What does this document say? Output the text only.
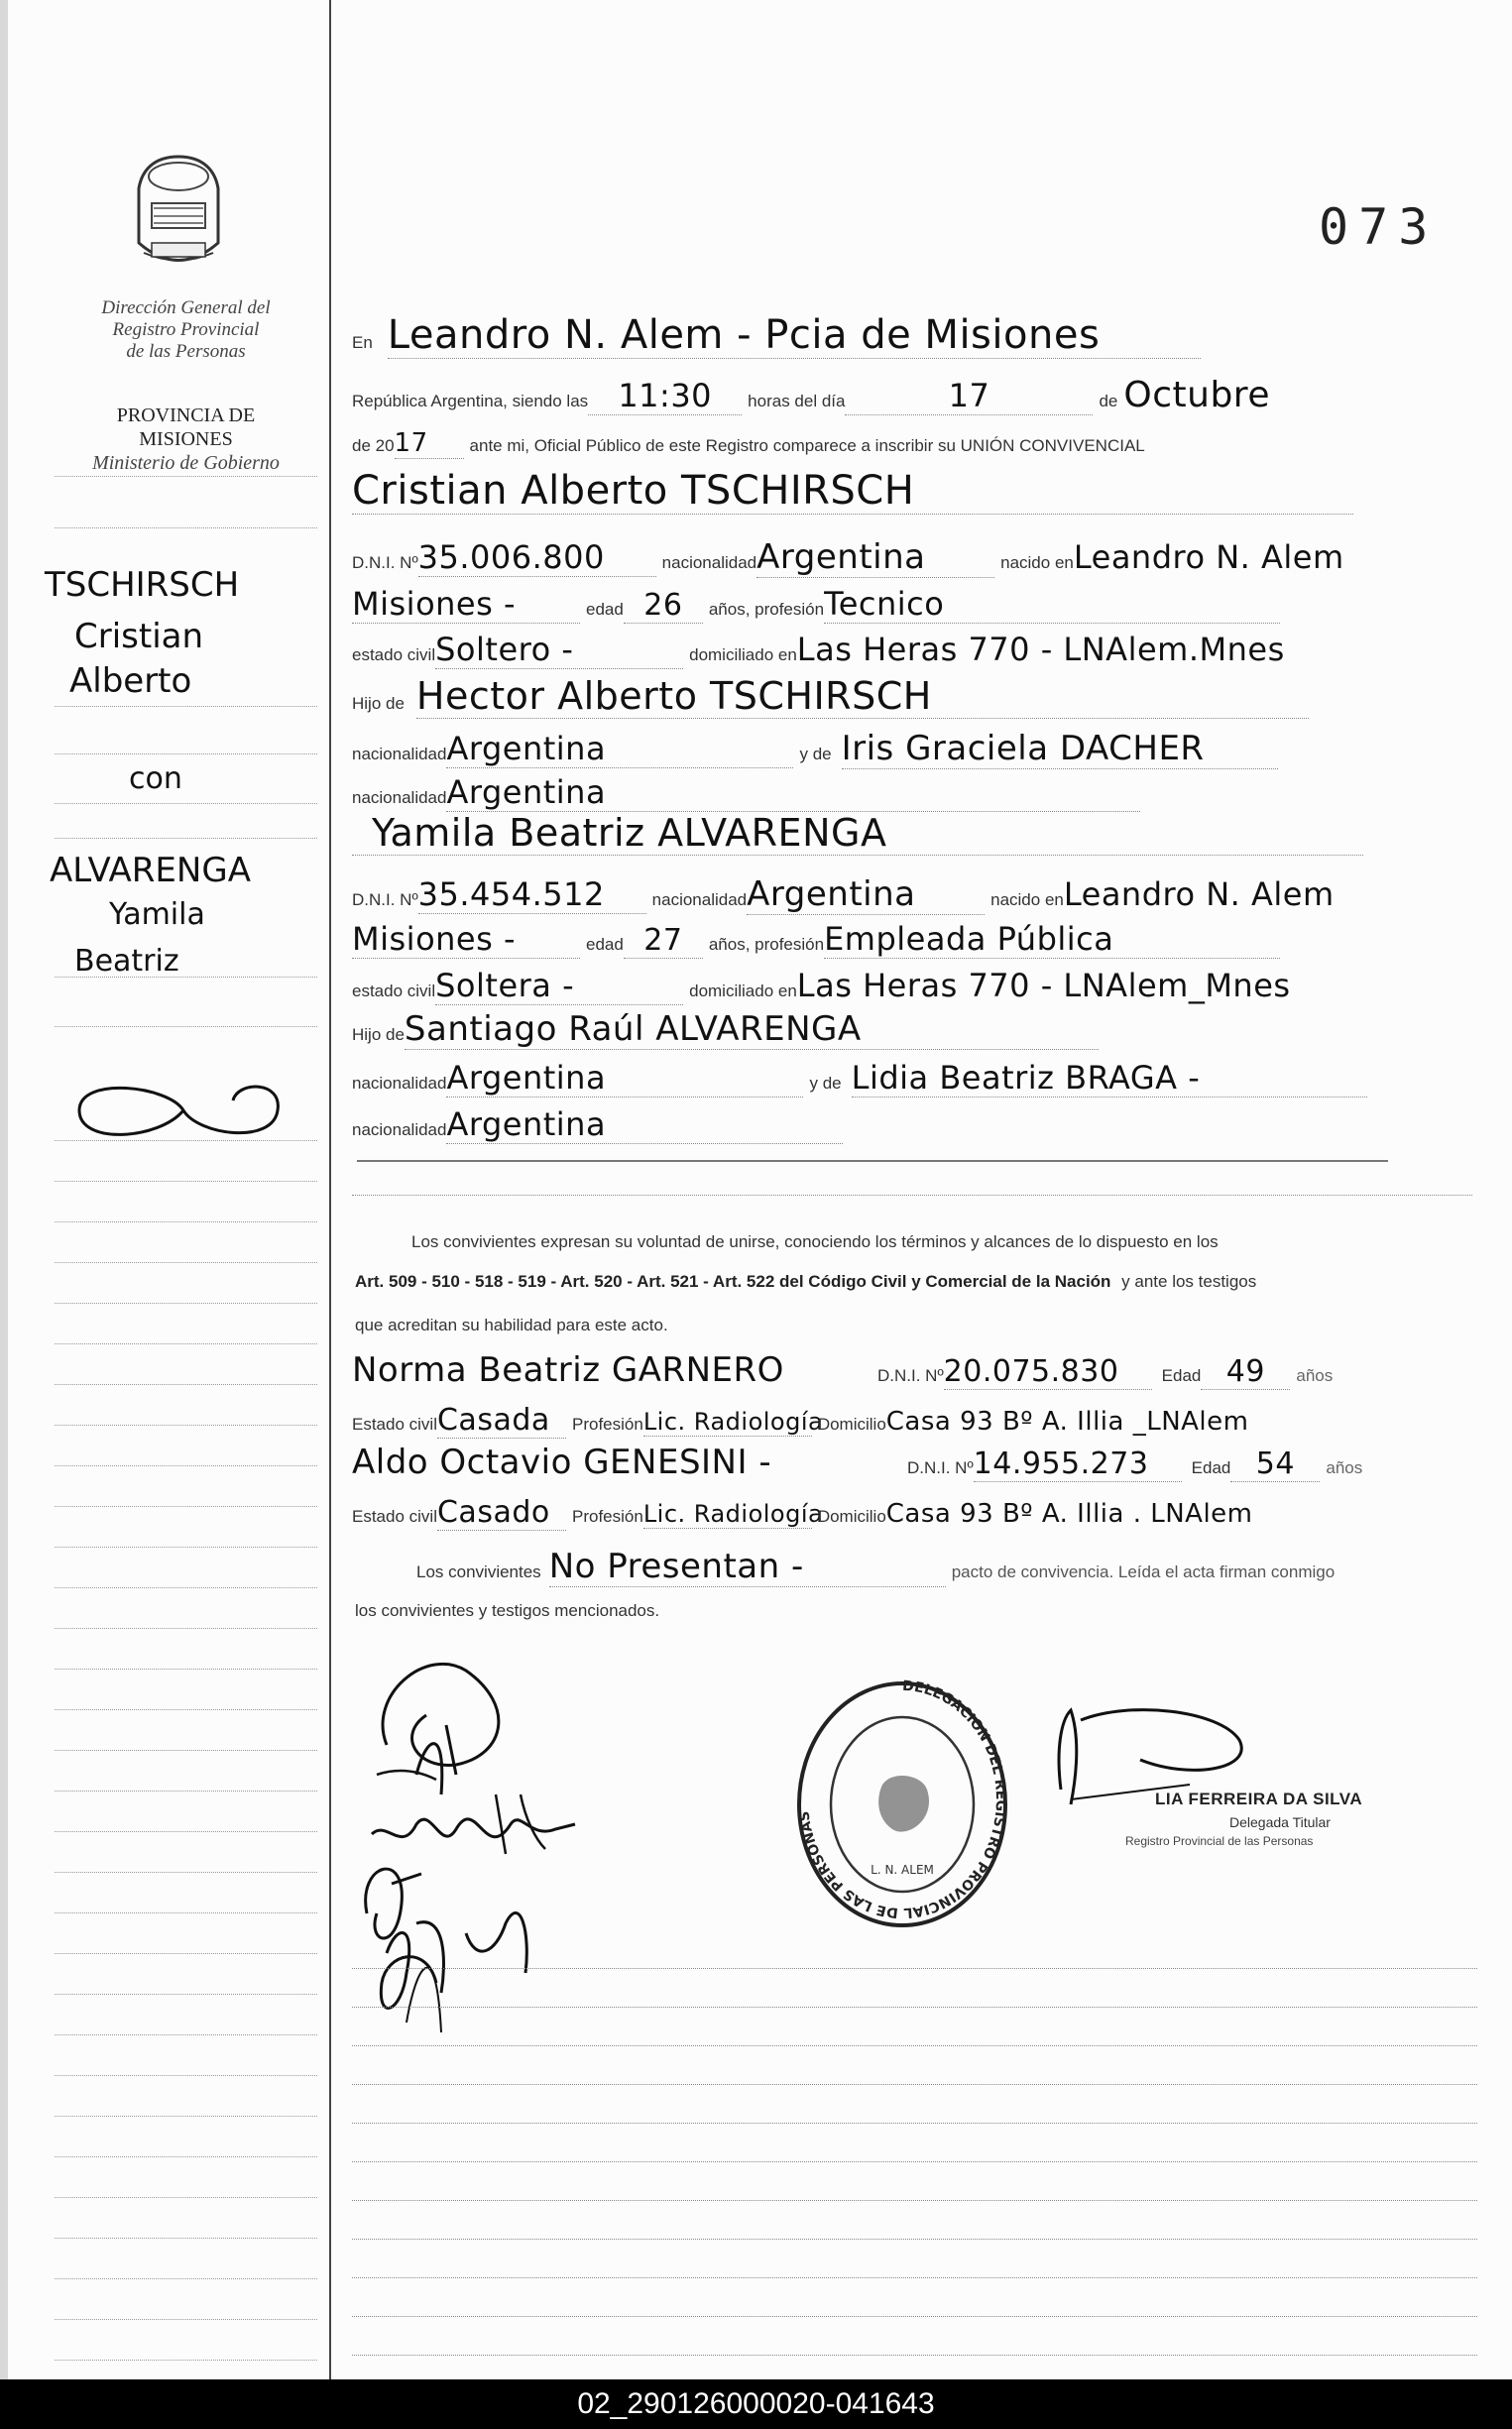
Dirección General del
Registro Provincial
de las Personas
PROVINCIA DE
MISIONES
Ministerio de Gobierno
073
TSCHIRSCH
Cristian
Alberto
con
ALVARENGA
Yamila
Beatriz
En Leandro N. Alem - Pcia de Misiones
República Argentina, siendo las 11:30	horas del día	17	de Octubre
de 20 17	ante mi, Oficial Público de este Registro comparece a inscribir su UNIÓN CONVIVENCIAL
Cristian Alberto TSCHIRSCH
D.N.I. Nº 35.006.800	nacionalidad Argentina	nacido en Leandro N. Alem
Misiones -	edad 26	años, profesión Tecnico
estado civil Soltero -	domiciliado en Las Heras 770 - LNAlem.Mnes
Hijo de Hector Alberto TSCHIRSCH
nacionalidad Argentina	y de Iris Graciela DACHER
nacionalidad Argentina
Yamila Beatriz ALVARENGA
D.N.I. Nº 35.454.512	nacionalidad Argentina	nacido en Leandro N. Alem
Misiones -	edad 27	años, profesión Empleada Pública
estado civil Soltera -	domiciliado en Las Heras 770 - LNAlem_Mnes
Hijo de Santiago Raúl ALVARENGA
nacionalidad Argentina	y de Lidia Beatriz BRAGA -
nacionalidad Argentina
Los convivientes expresan su voluntad de unirse, conociendo los términos y alcances de lo dispuesto en los
Art. 509 - 510 - 518 - 519 - Art. 520 - Art. 521 - Art. 522 del Código Civil y Comercial de la Nación y ante los testigos
que acreditan su habilidad para este acto.
Norma Beatriz GARNERO	D.N.I. Nº 20.075.830	Edad 49	años
Estado civil Casada	Profesión Lic. Radiología
Domicilio Casa 93 Bº A. Illia _LNAlem
Aldo Octavio GENESINI -	D.N.I. Nº 14.955.273	Edad 54	años
Estado civil Casado	Profesión Lic. Radiología
Domicilio Casa 93 Bº A. Illia . LNAlem
Los convivientes No Presentan -	pacto de convivencia. Leída el acta firman conmigo
los convivientes y testigos mencionados.
DELEGACION DEL REGISTRO PROVINCIAL DE LAS PERSONAS
L. N. ALEM
LIA FERREIRA DA SILVA
Delegada Titular
Registro Provincial de las Personas
02_290126000020-041643
